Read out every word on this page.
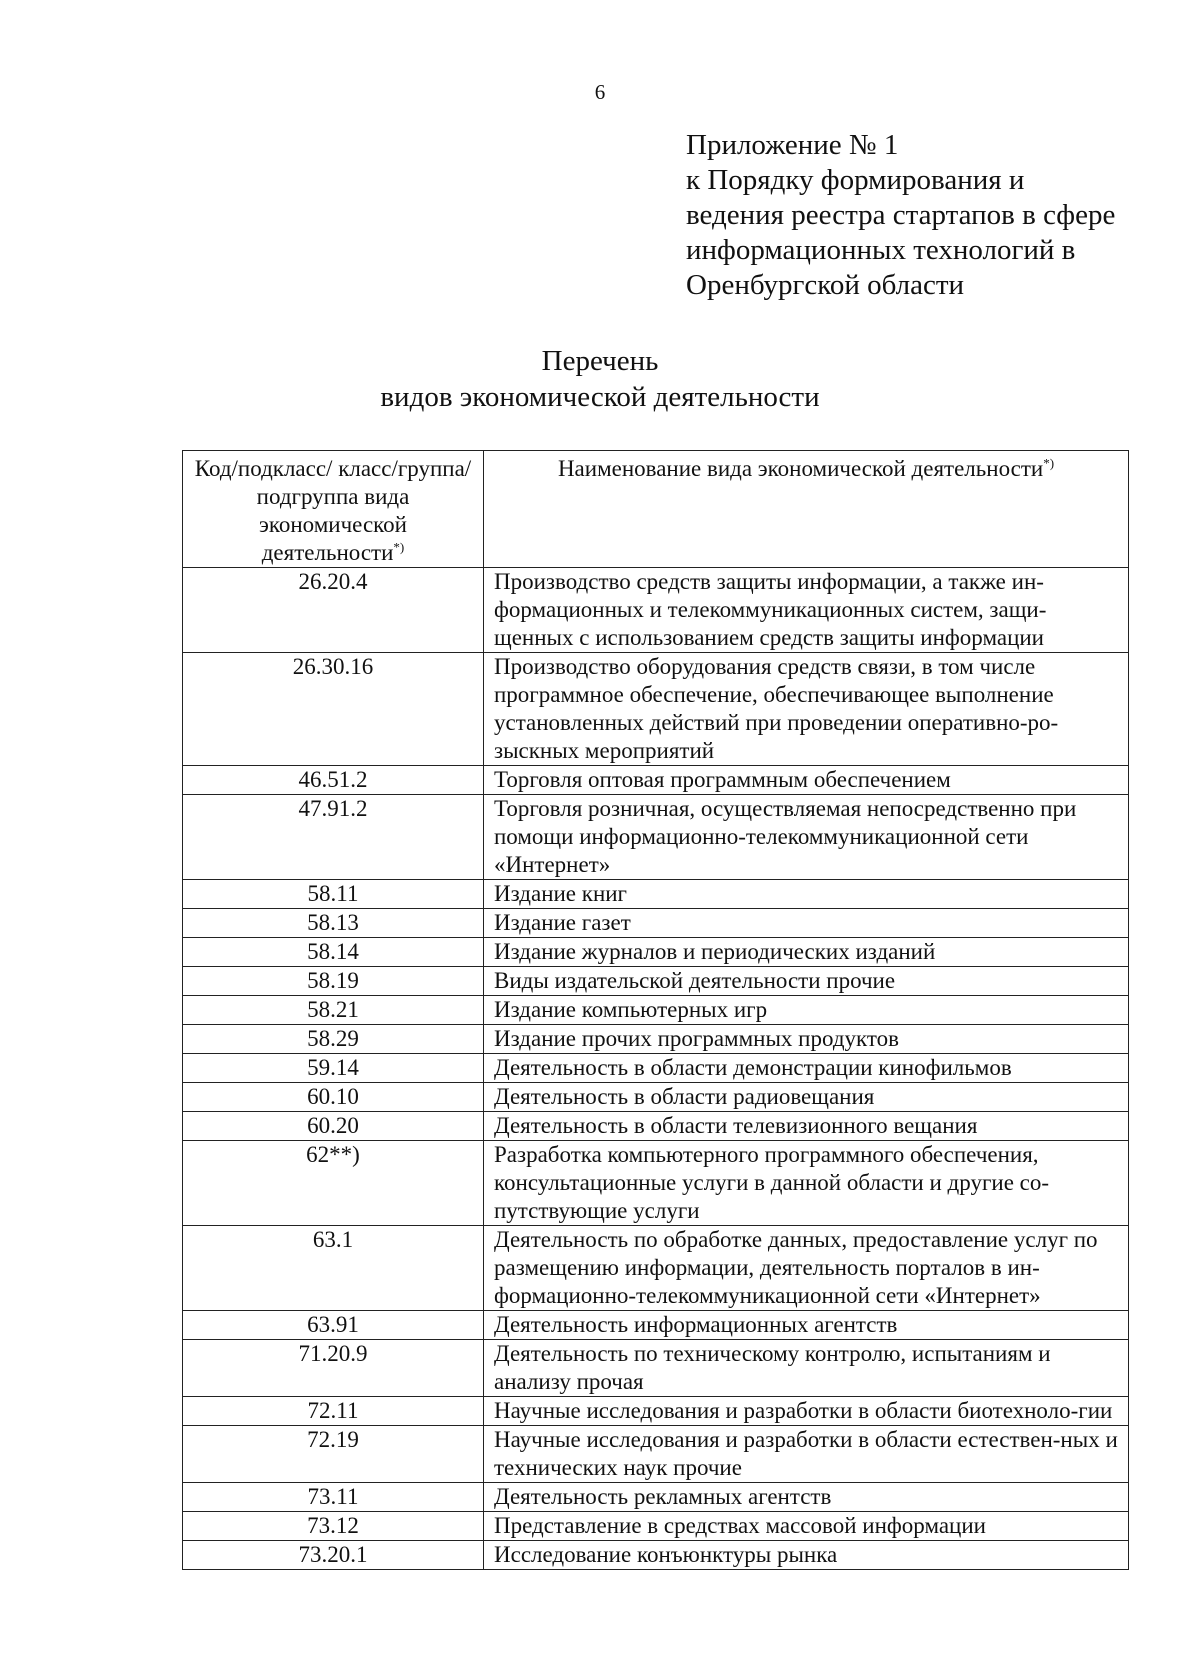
6
Приложение № 1
к Порядку формирования и
ведения реестра стартапов в сфере
информационных технологий в
Оренбургской области
Перечень
видов экономической деятельности
Код/подкласс/ класс/группа/подгруппа вида экономической деятельности*)	Наименование вида экономической деятельности*)
26.20.4	Производство средств защиты информации, а также ин-формационных и телекоммуникационных систем, защи-щенных с использованием средств защиты информации
26.30.16	Производство оборудования средств связи, в том числе программное обеспечение, обеспечивающее выполнение установленных действий при проведении оперативно-ро-зыскных мероприятий
46.51.2	Торговля оптовая программным обеспечением
47.91.2	Торговля розничная, осуществляемая непосредственно при помощи информационно-телекоммуникационной сети «Интернет»
58.11	Издание книг
58.13	Издание газет
58.14	Издание журналов и периодических изданий
58.19	Виды издательской деятельности прочие
58.21	Издание компьютерных игр
58.29	Издание прочих программных продуктов
59.14	Деятельность в области демонстрации кинофильмов
60.10	Деятельность в области радиовещания
60.20	Деятельность в области телевизионного вещания
62**)	Разработка компьютерного программного обеспечения, консультационные услуги в данной области и другие со-путствующие услуги
63.1	Деятельность по обработке данных, предоставление услуг по размещению информации, деятельность порталов в ин-формационно-телекоммуникационной сети «Интернет»
63.91	Деятельность информационных агентств
71.20.9	Деятельность по техническому контролю, испытаниям и анализу прочая
72.11	Научные исследования и разработки в области биотехноло-гии
72.19	Научные исследования и разработки в области естествен-ных и технических наук прочие
73.11	Деятельность рекламных агентств
73.12	Представление в средствах массовой информации
73.20.1	Исследование конъюнктуры рынка
